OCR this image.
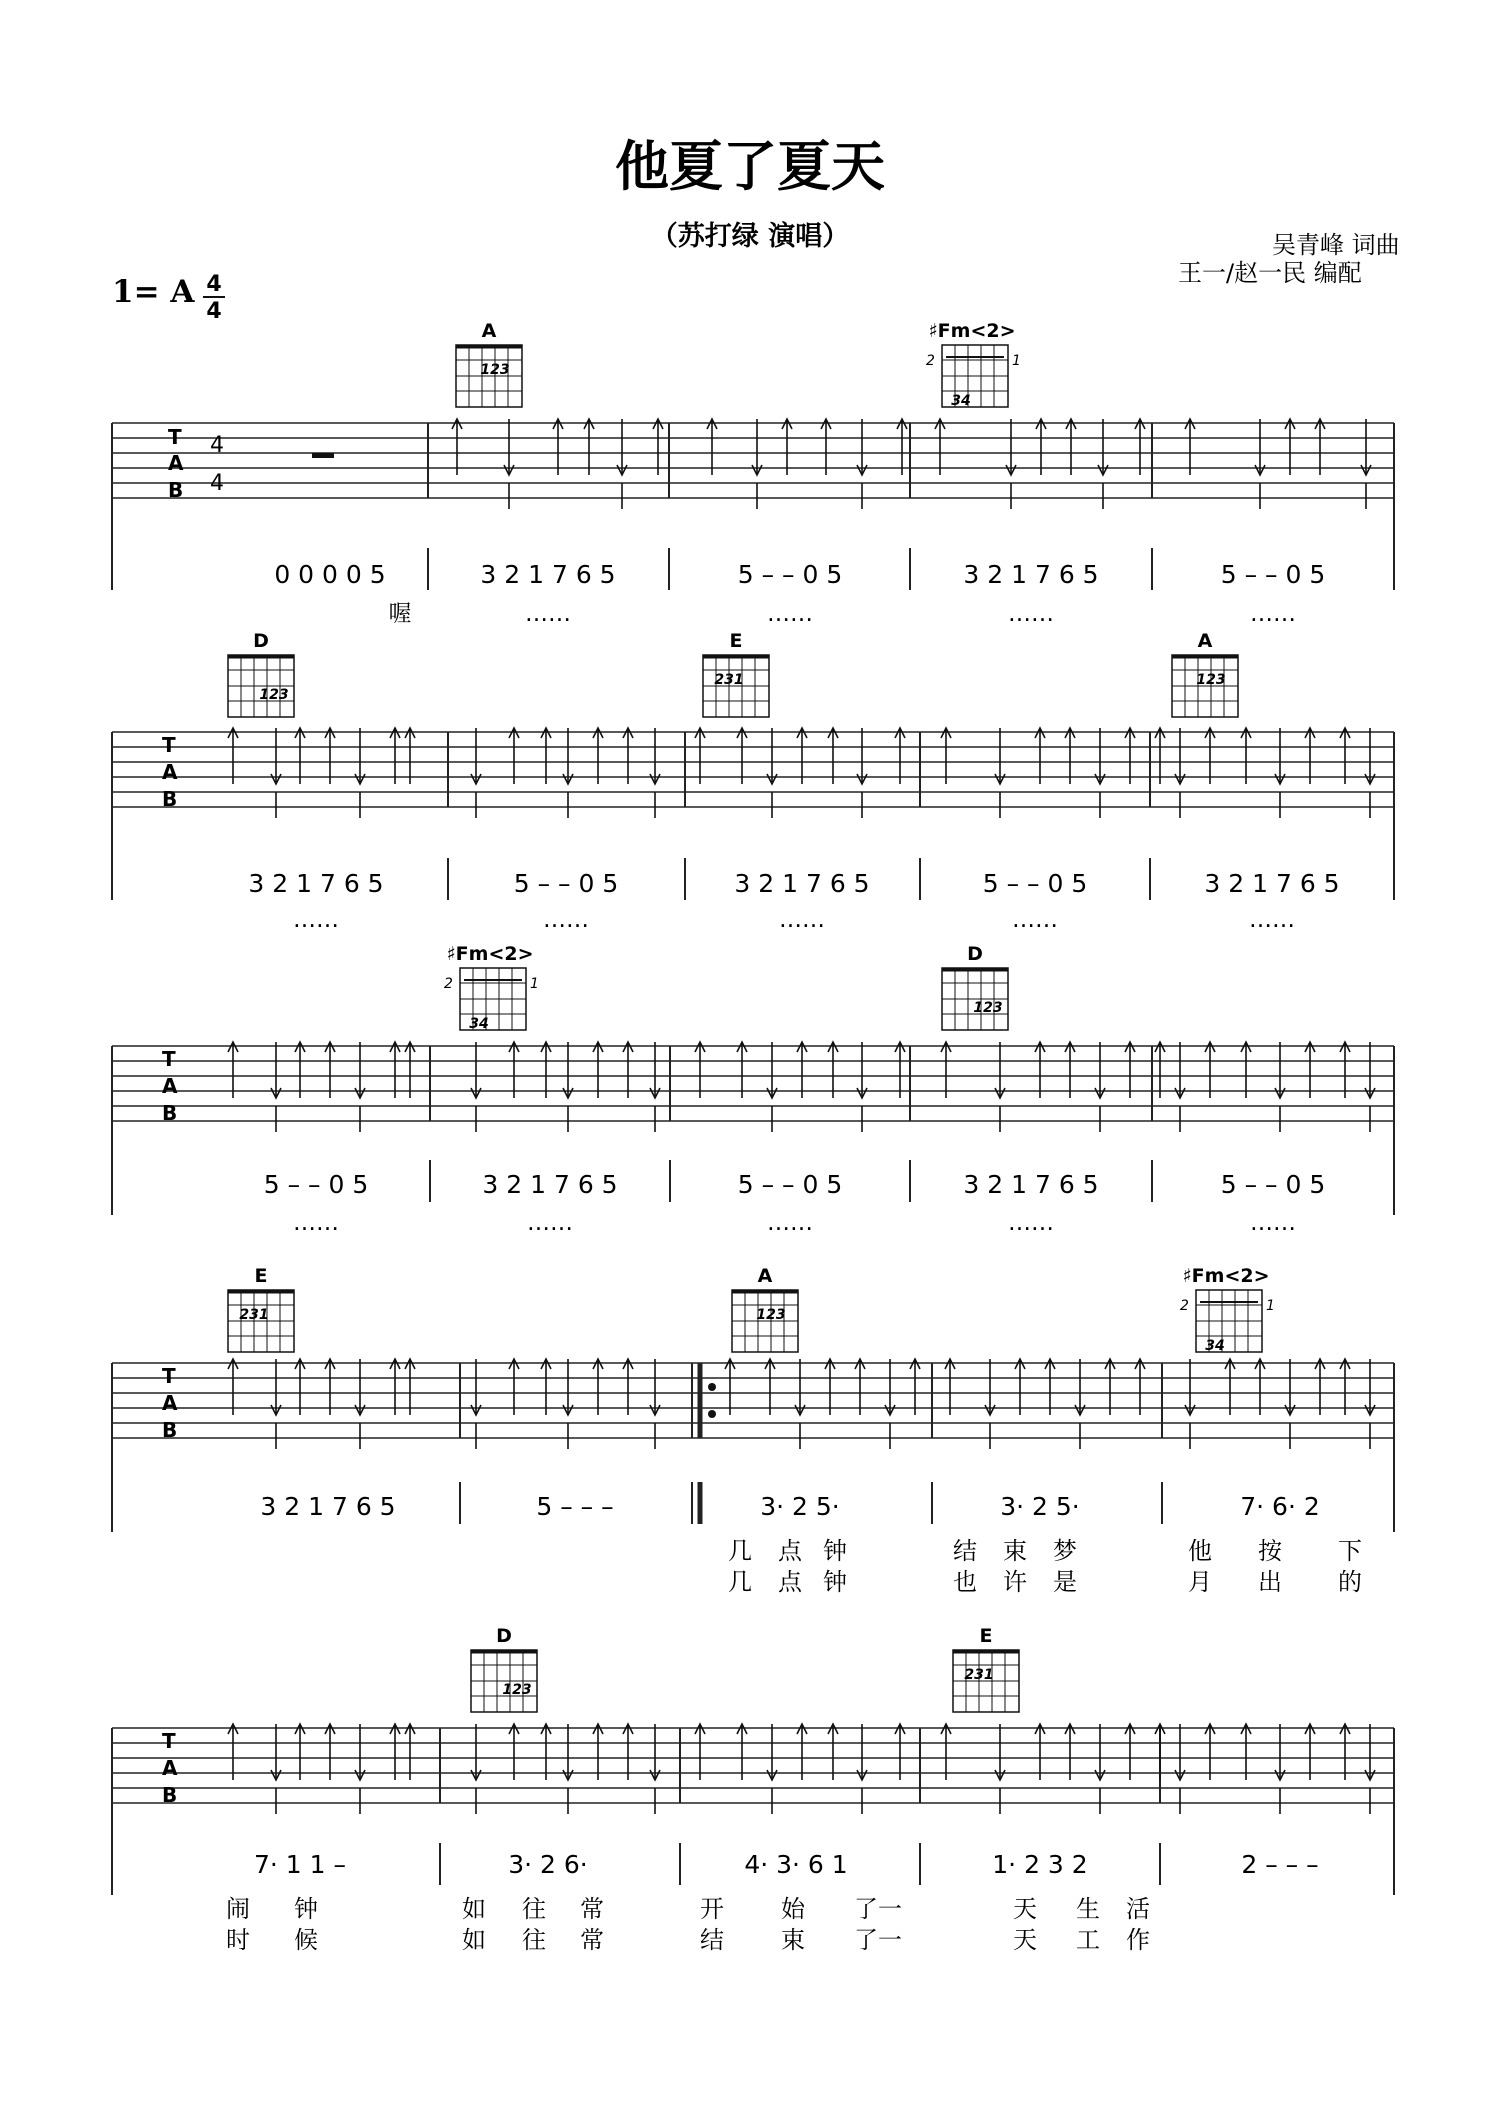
他夏了夏天
（苏打绿 演唱）	吴青峰 词曲
王一/赵一民 编配
1= A 4
4
T
A
B
4
4
A
123
♯Fm<2>
2	1
34
0 0 0 0 5	3 2 1 7 6 5	5 – – 0 5	3 2 1 7 6 5	5 – – 0 5
喔	……	……	……	……
T
A
B
D
123
E
231
A
123
3 2 1 7 6 5	5 – – 0 5	3 2 1 7 6 5	5 – – 0 5	3 2 1 7 6 5
……	……	……	……	……
T
A
B
♯Fm<2>
2	1
34
D
123
5 – – 0 5	3 2 1 7 6 5	5 – – 0 5	3 2 1 7 6 5	5 – – 0 5
……	……	……	……	……
T
A
B
E
231
A
123
♯Fm<2>
2	1
34
3 2 1 7 6 5	5 – – –	3· 2 5·	3· 2 5·	7· 6· 2
几 点 钟	结 束 梦	他 按 下
几 点 钟	也 许 是	月 出 的
T
A
B
D
123
E
231
7· 1 1 –	3· 2 6·	4· 3· 6 1	1· 2 3 2	2 – – –
闹 钟	如 往 常	开 始 了一	天 生 活
时 候	如 往 常	结 束 了一	天 工 作
